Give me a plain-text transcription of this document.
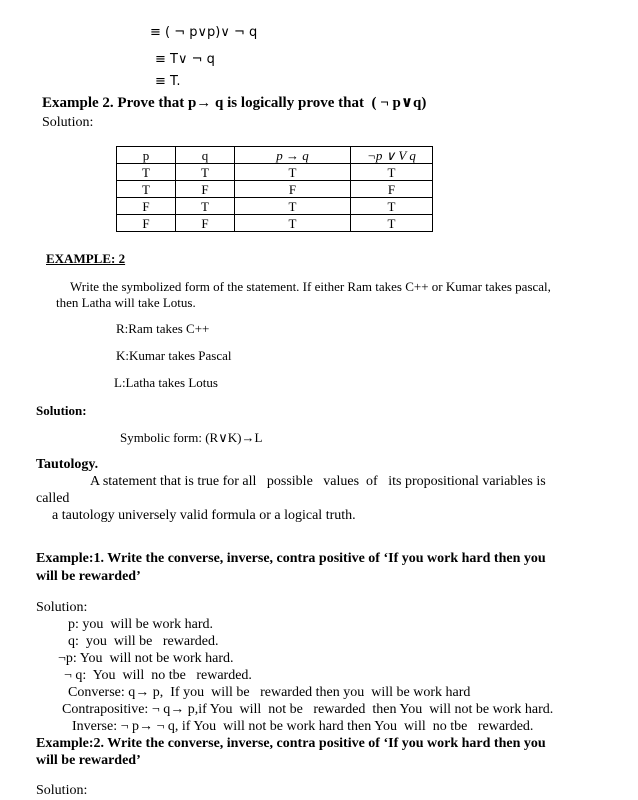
≡ ( ¬ p∨p)∨ ¬ q
≡ T∨ ¬ q
≡ T.
Example 2. Prove that p→ q is logically prove that  ( ¬ p∨q)
Solution:
p	q	p → q	¬p ∨ V q
T	T	T	T
T	F	F	F
F	T	T	T
F	F	T	T
EXAMPLE: 2
Write the symbolized form of the statement. If either Ram takes C++ or Kumar takes pascal,
then Latha will take Lotus.
R:Ram takes C++
K:Kumar takes Pascal
L:Latha takes Lotus
Solution:
Symbolic form: (R∨K)→L
Tautology.
A statement that is true for all   possible   values  of   its propositional variables is
called
a tautology universely valid formula or a logical truth.
Example:1. Write the converse, inverse, contra positive of ‘If you work hard then you
will be rewarded’
Solution:
p: you  will be work hard.
q:  you  will be   rewarded.
¬p: You  will not be work hard.
¬ q:  You  will  no tbe   rewarded.
Converse: q→ p,  If you  will be   rewarded then you  will be work hard
Contrapositive: ¬ q→ p,if You  will  not be   rewarded  then You  will not be work hard.
Inverse: ¬ p→ ¬ q, if You  will not be work hard then You  will  no tbe   rewarded.
Example:2. Write the converse, inverse, contra positive of ‘If you work hard then you
will be rewarded’
Solution:
